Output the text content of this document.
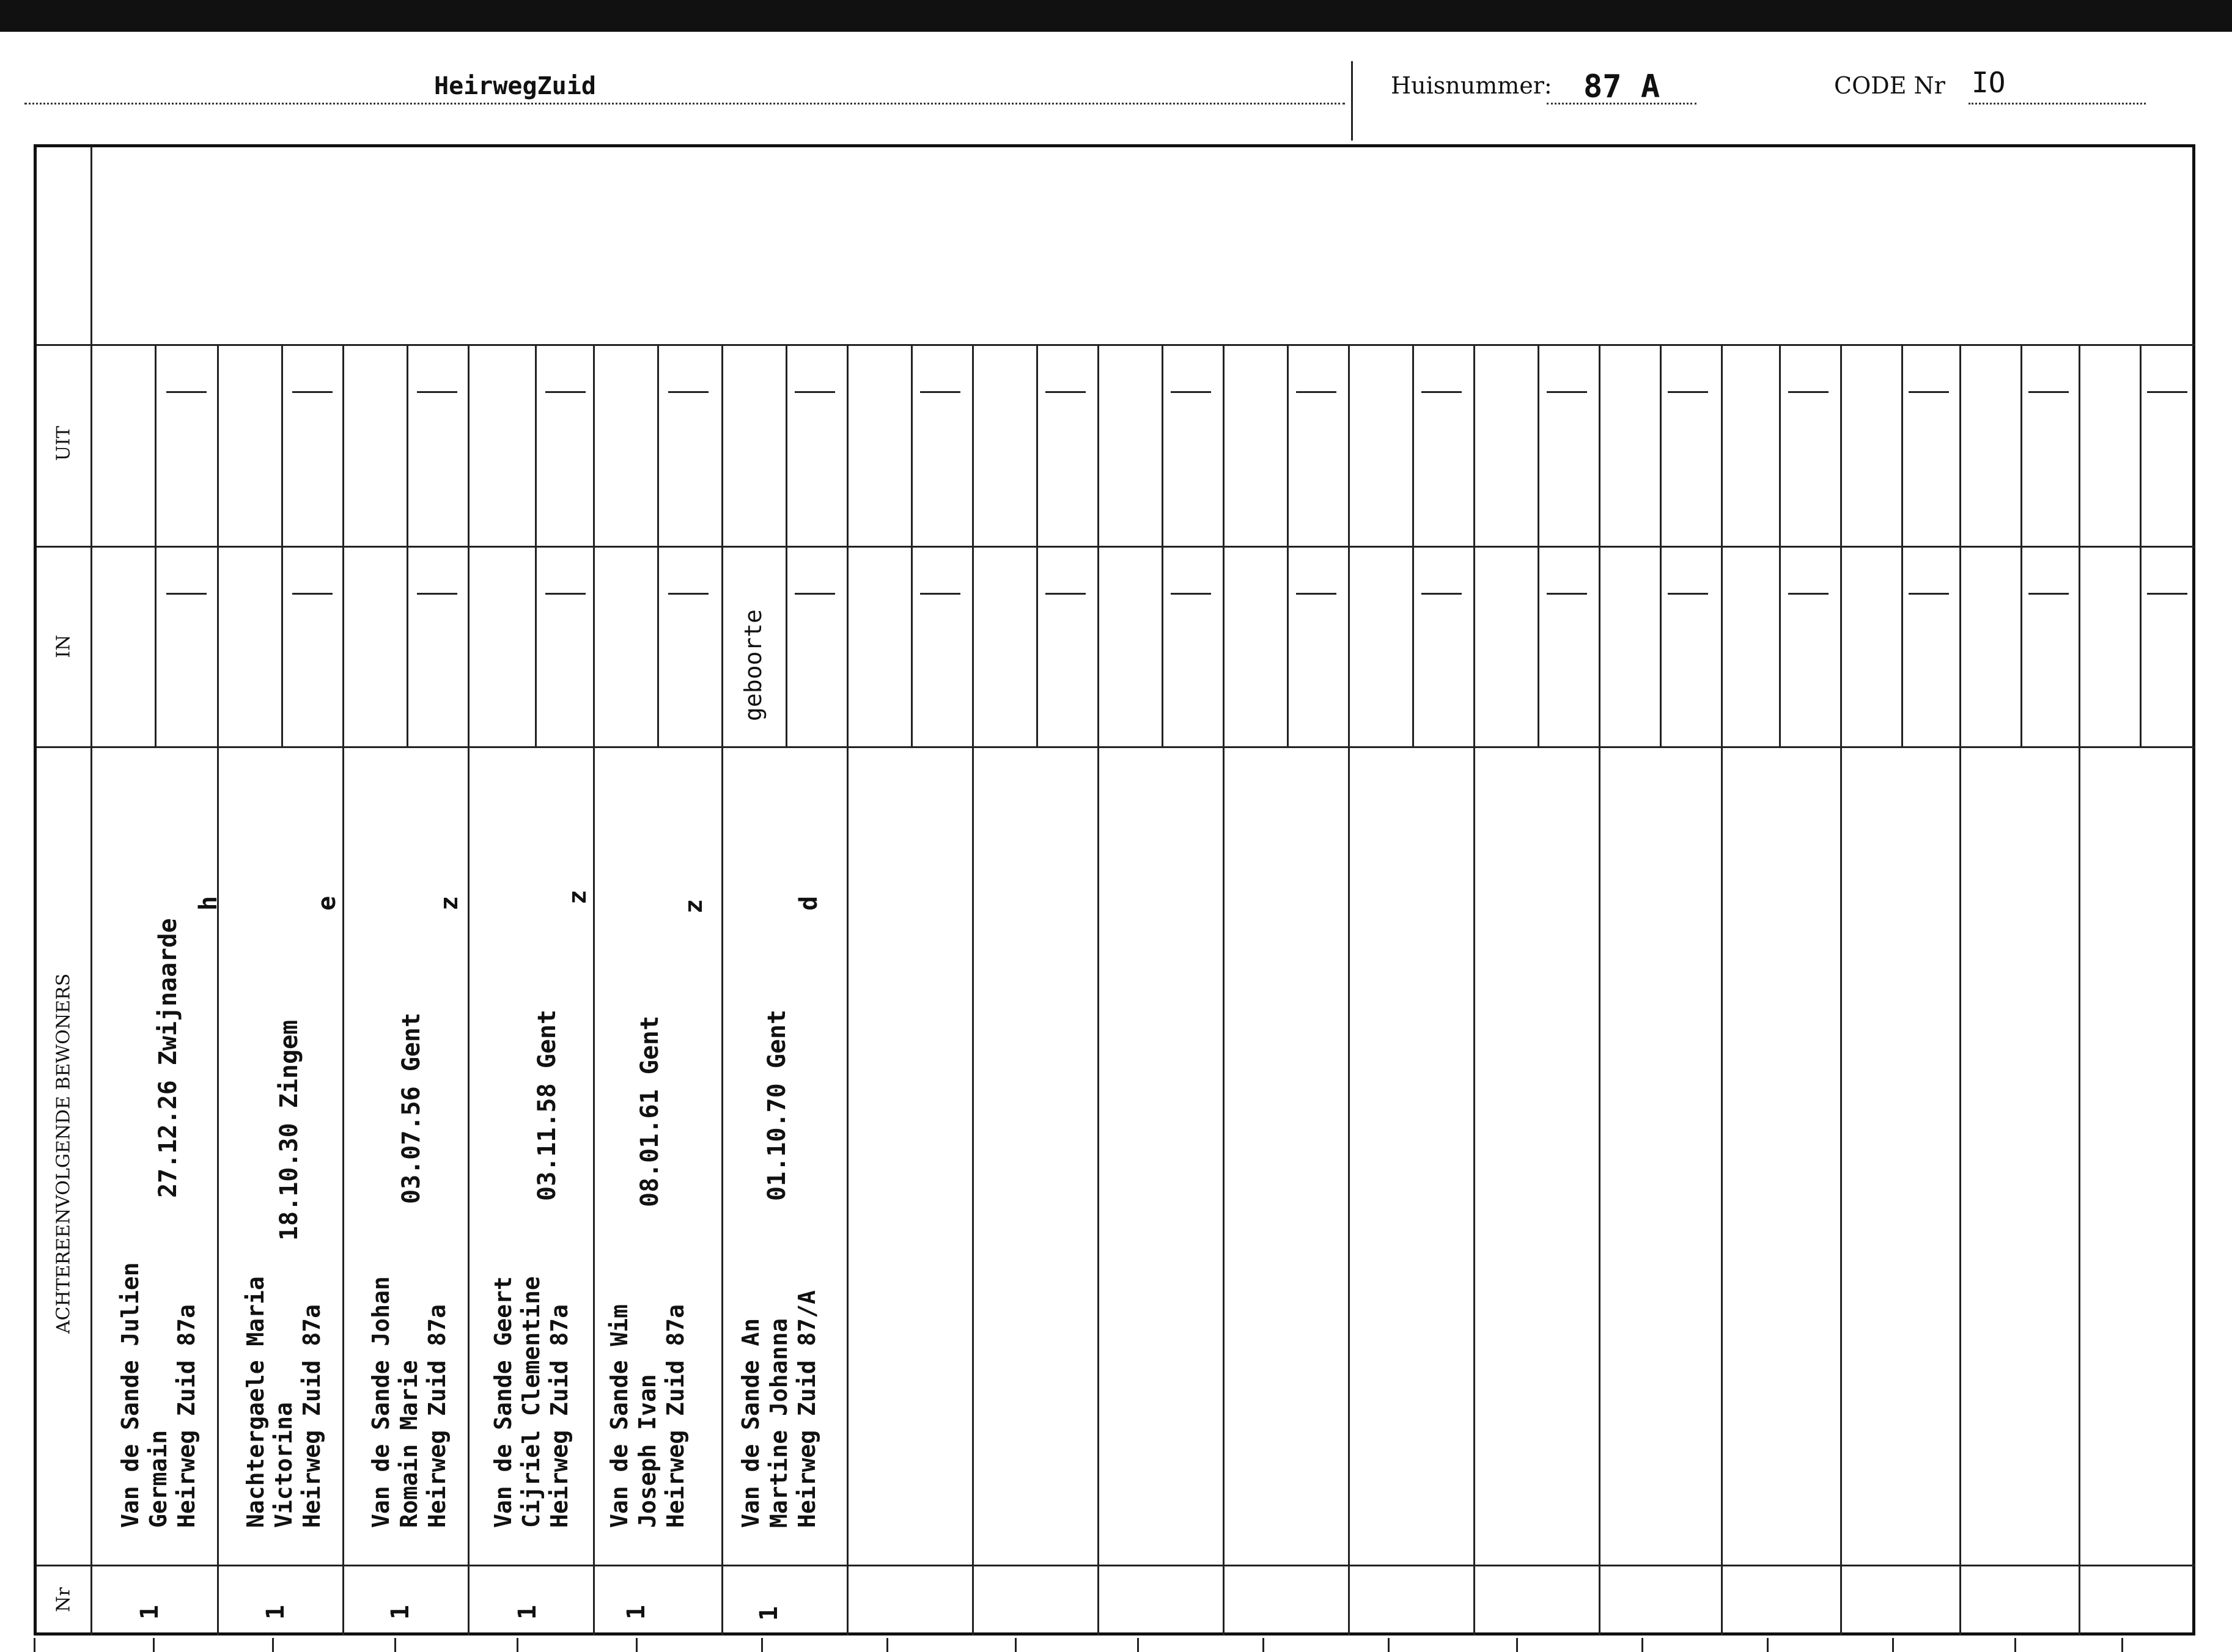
HeirwegZuid	Huisnummer: 87 A	CODE Nr IO
UIT
IN
ACHTEREENVOLGENDE BEWONERS
Nr
Van de Sande Julien
Germain
Heirweg Zuid 87a
27.12.26 Zwijnaarde
h
1
Nachtergaele Maria
Victorina
Heirweg Zuid 87a
18.10.30 Zingem
e
1
Van de Sande Johan
Romain Marie
Heirweg Zuid 87a
03.07.56 Gent
z
1
Van de Sande Geert
Cijriel Clementine
Heirweg Zuid 87a
03.11.58 Gent
z
1
Van de Sande Wim
Joseph Ivan
Heirweg Zuid 87a
08.01.61 Gent
z
1
Van de Sande An
Martine Johanna
Heirweg Zuid 87/A
01.10.70 Gent
d
1
geboorte
